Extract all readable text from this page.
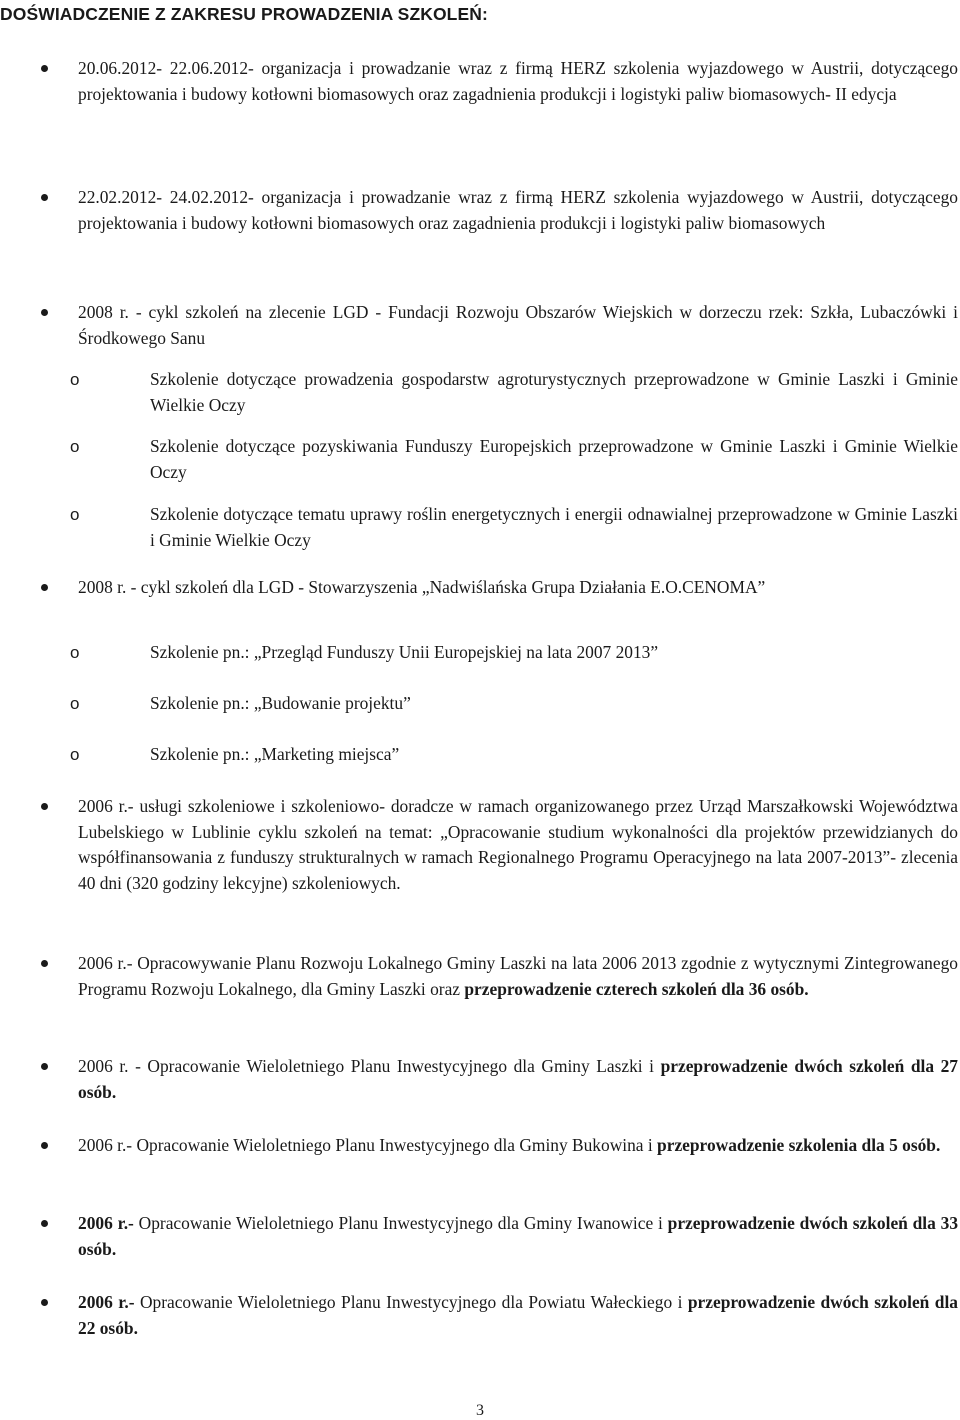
DOŚWIADCZENIE Z ZAKRESU PROWADZENIA SZKOLEŃ:
20.06.2012- 22.06.2012- organizacja i prowadzanie wraz z firmą HERZ szkolenia wyjazdowego w Austrii, dotyczącego projektowania i budowy kotłowni biomasowych oraz zagadnienia produkcji i logistyki paliw biomasowych- II edycja
22.02.2012- 24.02.2012- organizacja i prowadzanie wraz z firmą HERZ szkolenia wyjazdowego w Austrii, dotyczącego projektowania i budowy kotłowni biomasowych oraz zagadnienia produkcji i logistyki paliw biomasowych
2008 r. - cykl szkoleń na zlecenie LGD - Fundacji Rozwoju Obszarów Wiejskich w dorzeczu rzek: Szkła, Lubaczówki i Środkowego Sanu
o	Szkolenie dotyczące prowadzenia gospodarstw agroturystycznych przeprowadzone w Gminie Laszki i Gminie Wielkie Oczy
o	Szkolenie dotyczące pozyskiwania Funduszy Europejskich przeprowadzone w Gminie Laszki i Gminie Wielkie Oczy
o	Szkolenie dotyczące tematu uprawy roślin energetycznych i energii odnawialnej przeprowadzone w Gminie Laszki i Gminie Wielkie Oczy
2008 r. - cykl szkoleń dla LGD - Stowarzyszenia „Nadwiślańska Grupa Działania E.O.CENOMA”
o	Szkolenie pn.: „Przegląd Funduszy Unii Europejskiej na lata 2007 2013”
o	Szkolenie pn.: „Budowanie projektu”
o	Szkolenie pn.: „Marketing miejsca”
2006 r.- usługi szkoleniowe i szkoleniowo- doradcze w ramach organizowanego przez Urząd Marszałkowski Województwa Lubelskiego w Lublinie cyklu szkoleń na temat: „Opracowanie studium wykonalności dla projektów przewidzianych do współfinansowania z funduszy strukturalnych w ramach Regionalnego Programu Operacyjnego na lata 2007-2013”- zlecenia 40 dni (320 godziny lekcyjne) szkoleniowych.
2006 r.- Opracowywanie Planu Rozwoju Lokalnego Gminy Laszki na lata 2006 2013 zgodnie z wytycznymi Zintegrowanego Programu Rozwoju Lokalnego, dla Gminy Laszki oraz przeprowadzenie czterech szkoleń dla 36 osób.
2006 r. - Opracowanie Wieloletniego Planu Inwestycyjnego dla Gminy Laszki i przeprowadzenie dwóch szkoleń dla 27 osób.
2006 r.- Opracowanie Wieloletniego Planu Inwestycyjnego dla Gminy Bukowina i przeprowadzenie szkolenia dla 5 osób.
2006 r.- Opracowanie Wieloletniego Planu Inwestycyjnego dla Gminy Iwanowice i przeprowadzenie dwóch szkoleń dla 33 osób.
2006 r.- Opracowanie Wieloletniego Planu Inwestycyjnego dla Powiatu Wałeckiego i przeprowadzenie dwóch szkoleń dla 22 osób.
3
